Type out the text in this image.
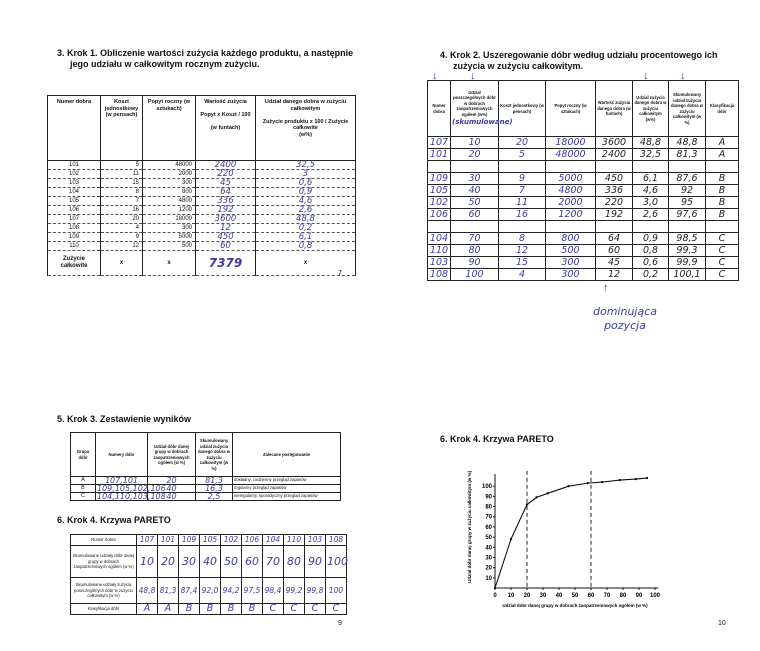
3. Krok 1. Obliczenie wartości zużycia każdego produktu, a następnie
jego udziału w całkowitym rocznym zużyciu.
Numer dobra	Koszt jednostkowy (w pensach)	Popyt roczny (w sztukach)	Wartość zużycia

Popyt x Koszt / 100

(w funtach)	Udział danego dobra w zużyciu całkowitym

Zużycie produktu x 100 / Zużycie całkowite
(w%)
101	5	48000	2400	32,5
102	11	2000	220	3
103	15	300	45	0,6
104	8	800	64	0,9
105	7	4800	336	4,6
106	16	1200	192	2,6
107	20	18000	3600	48,8
108	4	300	12	0,2
109	9	5000	450	6,1
110	12	500	60	0,8
Zużycie całkowite	x	x	7379	x
7
4. Krok 2. Uszeregowanie dóbr według udziału procentowego ich
zużycia w zużyciu całkowitym.
↓	↓	↓	↓
Numer dobra	Udział poszczególnych dóbr w dobrach zaopatrzeniowych ogółem (w%)
(skumulowane)	Koszt jednostkowy (w pensach)	Popyt roczny (w sztukach)	Wartość zużycia danego dobra (w funtach)	Udział zużycia danego dobra w zużyciu całkowitym (w%)	Skumulowany udział zużycia danego dobra w zużyciu całkowitym (w %)	Klasyfikacja dóbr
107	10	20	18000	3600	48,8	48,8	A
101	20	5	48000	2400	32,5	81,3	A

109	30	9	5000	450	6,1	87,6	B
105	40	7	4800	336	4,6	92	B
102	50	11	2000	220	3,0	95	B
106	60	16	1200	192	2,6	97,6	B

104	70	8	800	64	0,9	98,5	C
110	80	12	500	60	0,8	99,3	C
103	90	15	300	45	0,6	99,9	C
108	100	4	300	12	0,2	100,1	C
↑
dominująca pozycja
5. Krok 3. Zestawienie wyników
Grupa dóbr	Numery dóbr	Udział dóbr danej grupy w dobrach zaopatrzeniowych ogółem (w %)	Skumulowany udział zużycia danego dobra w zużyciu całkowitym (w %)	Zalecane postępowanie
A	107,101	20	81,3	dokładny, codzienny przegląd zapasów
B	109,105,102,106	40	16,3	regularny przegląd zapasów
C	104,110,103,108	40	2,5	nieregularny, sporadyczny przegląd zapasów
6. Krok 4. Krzywa PARETO
Numer dobra	107	101	109	105	102	106	104	110	103	108
Skumulowane udziały dóbr danej grupy w dobrach zaopatrzeniowych ogółem (w %)	10	20	30	40	50	60	70	80	90	100
Skumulowane udziały zużycia poszczególnych dóbr w zużyciu całkowitym (w %)	48,8	81,3	87,4	92,0	94,2	97,5	98,4	99,2	99,8	100
Klasyfikacja dóbr	A	A	B	B	B	B	C	C	C	C
9
6. Krok 4. Krzywa PARETO
0 10 20 30 40 50 60 70 80 90 100
10
20
30
40
50
60
70
80
90
100
Udział dóbr danej grupy w dobrach zaopatrzeniowych ogółem (w %)
Udział dóbr danej grupy w zużyciu całkowitym (w %)
10
